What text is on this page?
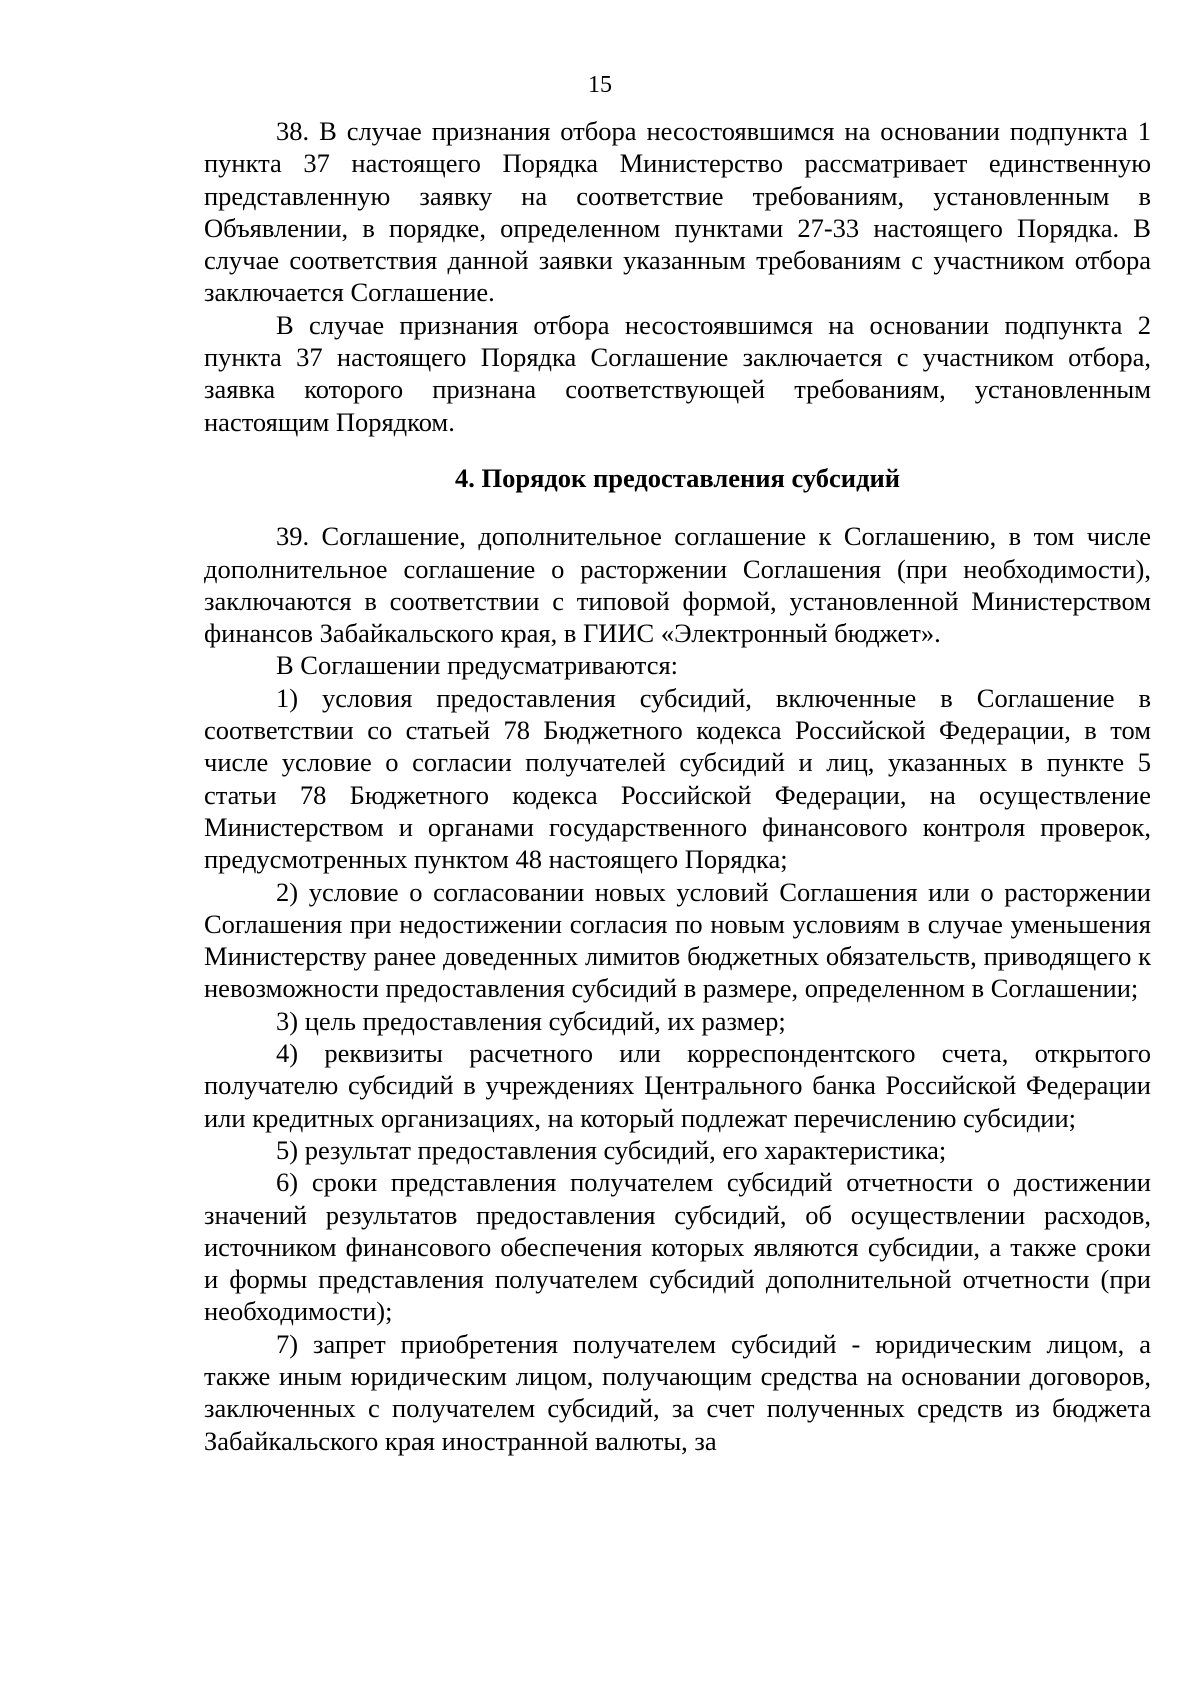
15

38. В случае признания отбора несостоявшимся на основании подпункта 1 пункта 37 настоящего Порядка Министерство рассматривает единственную представленную заявку на соответствие требованиям, установленным в Объявлении, в порядке, определенном пунктами 27-33 настоящего Порядка. В случае соответствия данной заявки указанным требованиям с участником отбора заключается Соглашение.

В случае признания отбора несостоявшимся на основании подпункта 2 пункта 37 настоящего Порядка Соглашение заключается с участником отбора, заявка которого признана соответствующей требованиям, установленным настоящим Порядком.

4. Порядок предоставления субсидий

39. Соглашение, дополнительное соглашение к Соглашению, в том числе дополнительное соглашение о расторжении Соглашения (при необходимости), заключаются в соответствии с типовой формой, установленной Министерством финансов Забайкальского края, в ГИИС «Электронный бюджет».

В Соглашении предусматриваются:

1) условия предоставления субсидий, включенные в Соглашение в соответствии со статьей 78 Бюджетного кодекса Российской Федерации, в том числе условие о согласии получателей субсидий и лиц, указанных в пункте 5 статьи 78 Бюджетного кодекса Российской Федерации, на осуществление Министерством и органами государственного финансового контроля проверок, предусмотренных пунктом 48 настоящего Порядка;

2) условие о согласовании новых условий Соглашения или о расторжении Соглашения при недостижении согласия по новым условиям в случае уменьшения Министерству ранее доведенных лимитов бюджетных обязательств, приводящего к невозможности предоставления субсидий в размере, определенном в Соглашении;

3) цель предоставления субсидий, их размер;

4) реквизиты расчетного или корреспондентского счета, открытого получателю субсидий в учреждениях Центрального банка Российской Федерации или кредитных организациях, на который подлежат перечислению субсидии;

5) результат предоставления субсидий, его характеристика;

6) сроки представления получателем субсидий отчетности о достижении значений результатов предоставления субсидий, об осуществлении расходов, источником финансового обеспечения которых являются субсидии, а также сроки и формы представления получателем субсидий дополнительной отчетности (при необходимости);

7) запрет приобретения получателем субсидий - юридическим лицом, а также иным юридическим лицом, получающим средства на основании договоров, заключенных с получателем субсидий, за счет полученных средств из бюджета Забайкальского края иностранной валюты, за
